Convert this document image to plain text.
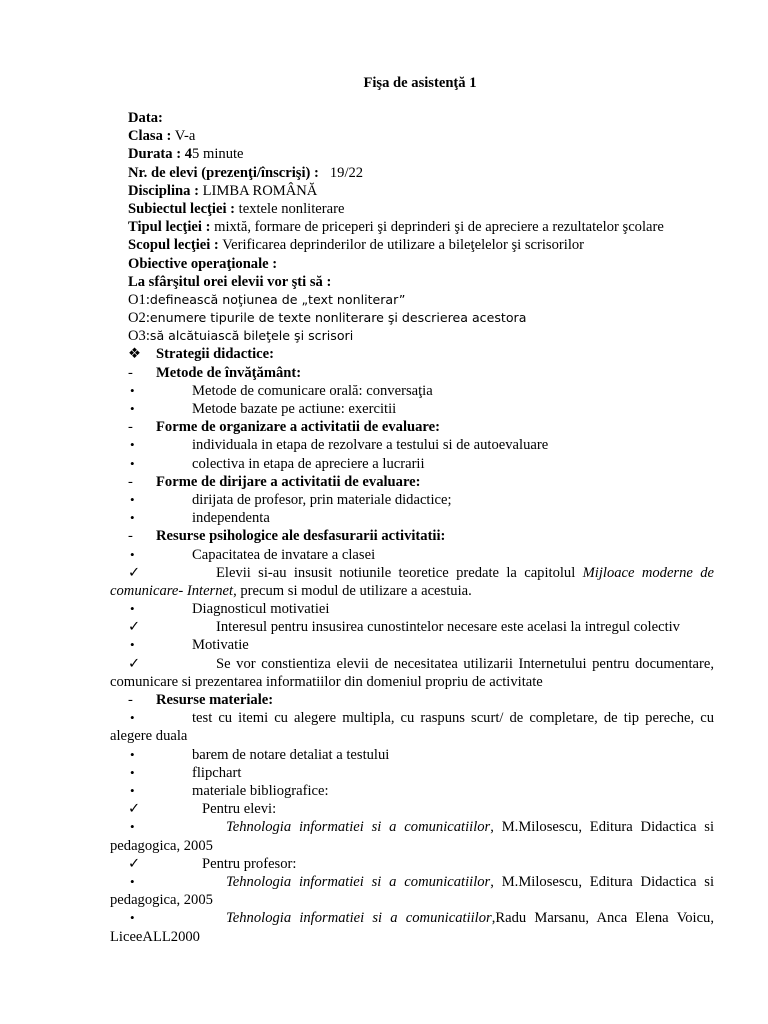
Fişa de asistenţă 1
Data:
Clasa : V-a
Durata : 45 minute
Nr. de elevi (prezenţi/înscrişi) : 19/22
Disciplina : LIMBA ROMÂNĂ
Subiectul lecţiei : textele nonliterare
Tipul lecţiei : mixtă, formare de priceperi şi deprinderi şi de apreciere a rezultatelor şcolare
Scopul lecţiei : Verificarea deprinderilor de utilizare a bileţelelor şi scrisorilor
Obiective operaţionale :
La sfârşitul orei elevii vor şti să :
O1:definească noţiunea de „text nonliterar”
O2:enumere tipurile de texte nonliterare şi descrierea acestora
O3:să alcătuiască bileţele şi scrisori
❖ Strategii didactice:
- Metode de învăţământ:
•	Metode de comunicare orală: conversaţia
•	Metode bazate pe actiune: exercitii
- Forme de organizare a activitatii de evaluare:
•	individuala in etapa de rezolvare a testului si de autoevaluare
•	colectiva in etapa de apreciere a lucrarii
- Forme de dirijare a activitatii de evaluare:
•	dirijata de profesor, prin materiale didactice;
•	independenta
- Resurse psihologice ale desfasurarii activitatii:
•	Capacitatea de invatare a clasei
✓	Elevii si-au insusit notiunile teoretice predate la capitolul Mijloace moderne de comunicare- Internet, precum si modul de utilizare a acestuia.
•	Diagnosticul motivatiei
✓	Interesul pentru insusirea cunostintelor necesare este acelasi la intregul colectiv
•	Motivatie
✓	Se vor constientiza elevii de necesitatea utilizarii Internetului pentru documentare, comunicare si prezentarea informatiilor din domeniul propriu de activitate
- Resurse materiale:
•	test cu itemi cu alegere multipla, cu raspuns scurt/ de completare, de tip pereche, cu alegere duala
•	barem de notare detaliat a testului
•	flipchart
•	materiale bibliografice:
✓	Pentru elevi:
•	Tehnologia informatiei si a comunicatiilor, M.Milosescu, Editura Didactica si pedagogica, 2005
✓	Pentru profesor:
•	Tehnologia informatiei si a comunicatiilor, M.Milosescu, Editura Didactica si pedagogica, 2005
•	Tehnologia informatiei si a comunicatiilor,Radu Marsanu, Anca Elena Voicu, LiceeALL2000
